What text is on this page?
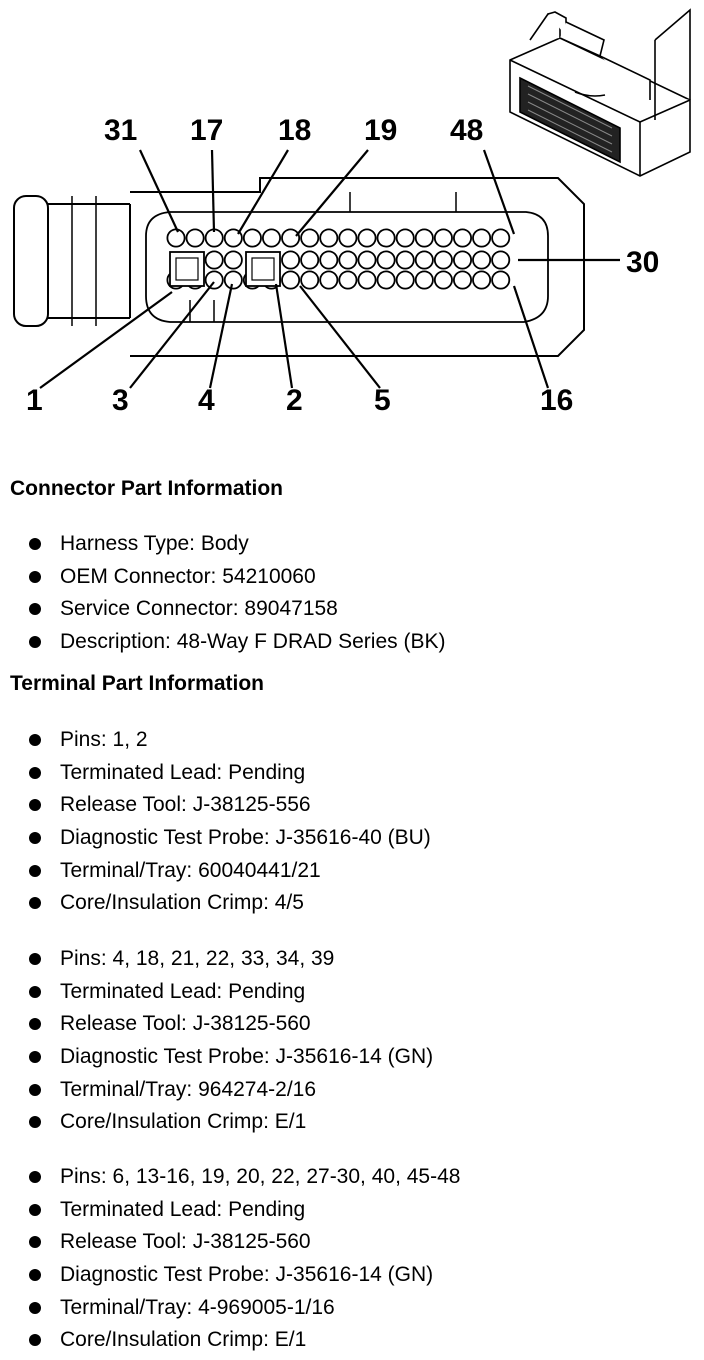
31 17 18 19 48
30
1 3 4 2 5	16
Connector Part Information
Harness Type: Body
OEM Connector: 54210060
Service Connector: 89047158
Description: 48-Way F DRAD Series (BK)
Terminal Part Information
Pins: 1, 2
Terminated Lead: Pending
Release Tool: J-38125-556
Diagnostic Test Probe: J-35616-40 (BU)
Terminal/Tray: 60040441/21
Core/Insulation Crimp: 4/5
Pins: 4, 18, 21, 22, 33, 34, 39
Terminated Lead: Pending
Release Tool: J-38125-560
Diagnostic Test Probe: J-35616-14 (GN)
Terminal/Tray: 964274-2/16
Core/Insulation Crimp: E/1
Pins: 6, 13-16, 19, 20, 22, 27-30, 40, 45-48
Terminated Lead: Pending
Release Tool: J-38125-560
Diagnostic Test Probe: J-35616-14 (GN)
Terminal/Tray: 4-969005-1/16
Core/Insulation Crimp: E/1
